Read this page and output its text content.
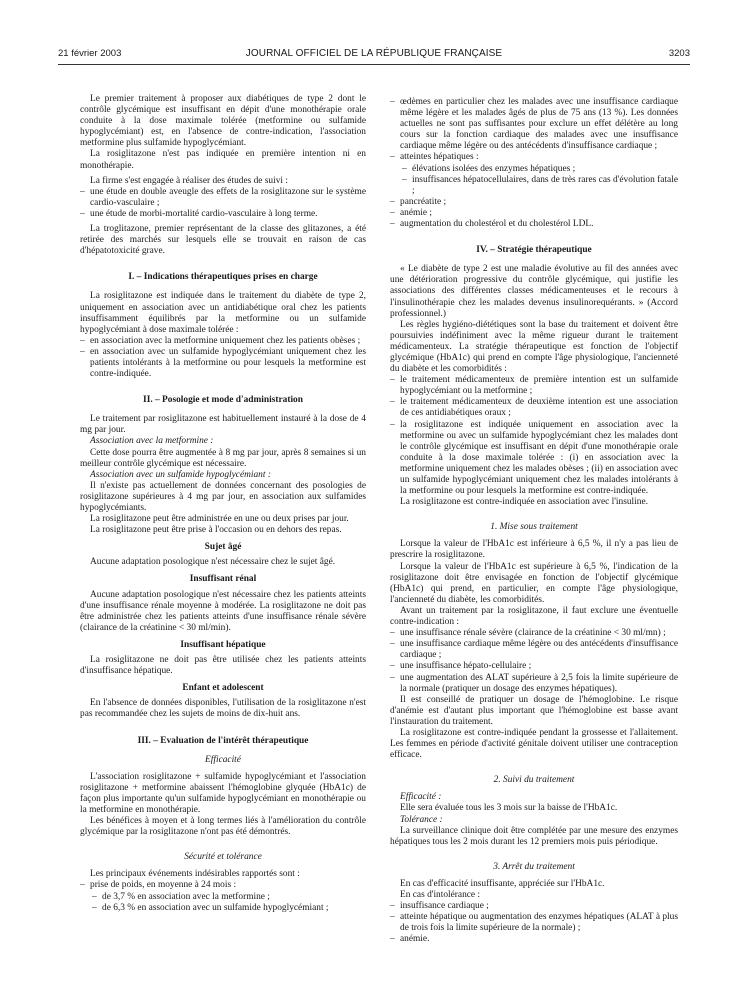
21 février 2003	JOURNAL OFFICIEL DE LA RÉPUBLIQUE FRANÇAISE	3203

Le premier traitement à proposer aux diabétiques de type 2 dont le contrôle glycémique est insuffisant en dépit d'une monothérapie orale conduite à la dose maximale tolérée (metformine ou sulfamide hypoglycémiant) est, en l'absence de contre-indication, l'association metformine plus sulfamide hypoglycémiant.

La rosiglitazone n'est pas indiquée en première intention ni en monothérapie.

La firme s'est engagée à réaliser des études de suivi :

– une étude en double aveugle des effets de la rosiglitazone sur le système cardio-vasculaire ;

– une étude de morbi-mortalité cardio-vasculaire à long terme.

La troglitazone, premier représentant de la classe des glitazones, a été retirée des marchés sur lesquels elle se trouvait en raison de cas d'hépatotoxicité grave.

I. – Indications thérapeutiques prises en charge

La rosiglitazone est indiquée dans le traitement du diabète de type 2, uniquement en association avec un antidiabétique oral chez les patients insuffisamment équilibrés par la metformine ou un sulfamide hypoglycémiant à dose maximale tolérée :

– en association avec la metformine uniquement chez les patients obèses ;

– en association avec un sulfamide hypoglycémiant uniquement chez les patients intolérants à la metformine ou pour lesquels la metformine est contre-indiquée.

II. – Posologie et mode d'administration

Le traitement par rosiglitazone est habituellement instauré à la dose de 4 mg par jour.

Association avec la metformine :

Cette dose pourra être augmentée à 8 mg par jour, après 8 semaines si un meilleur contrôle glycémique est nécessaire.

Association avec un sulfamide hypoglycémiant :

Il n'existe pas actuellement de données concernant des posologies de rosiglitazone supérieures à 4 mg par jour, en association aux sulfamides hypoglycémiants.

La rosiglitazone peut être administrée en une ou deux prises par jour.

La rosiglitazone peut être prise à l'occasion ou en dehors des repas.

Sujet âgé

Aucune adaptation posologique n'est nécessaire chez le sujet âgé.

Insuffisant rénal

Aucune adaptation posologique n'est nécessaire chez les patients atteints d'une insuffisance rénale moyenne à modérée. La rosiglitazone ne doit pas être administrée chez les patients atteints d'une insuffisance rénale sévère (clairance de la créatinine < 30 ml/min).

Insuffisant hépatique

La rosiglitazone ne doit pas être utilisée chez les patients atteints d'insuffisance hépatique.

Enfant et adolescent

En l'absence de données disponibles, l'utilisation de la rosiglitazone n'est pas recommandée chez les sujets de moins de dix-huit ans.

III. – Evaluation de l'intérêt thérapeutique
Efficacité

L'association rosiglitazone + sulfamide hypoglycémiant et l'association rosiglitazone + metformine abaissent l'hémoglobine glyquée (HbA1c) de façon plus importante qu'un sulfamide hypoglycémiant en monothérapie ou la metformine en monothérapie.

Les bénéfices à moyen et à long termes liés à l'amélioration du contrôle glycémique par la rosiglitazone n'ont pas été démontrés.

Sécurité et tolérance

Les principaux événements indésirables rapportés sont :

– prise de poids, en moyenne à 24 mois :

– de 3,7 % en association avec la metformine ;

– de 6,3 % en association avec un sulfamide hypoglycémiant ;

– œdèmes en particulier chez les malades avec une insuffisance cardiaque même légère et les malades âgés de plus de 75 ans (13 %). Les données actuelles ne sont pas suffisantes pour exclure un effet délétère au long cours sur la fonction cardiaque des malades avec une insuffisance cardiaque même légère ou des antécédents d'insuffisance cardiaque ;

– atteintes hépatiques :

– élévations isolées des enzymes hépatiques ;

– insuffisances hépatocellulaires, dans de très rares cas d'évolution fatale ;

– pancréatite ;

– anémie ;

– augmentation du cholestérol et du cholestérol LDL.

IV. – Stratégie thérapeutique

« Le diabète de type 2 est une maladie évolutive au fil des années avec une détérioration progressive du contrôle glycémique, qui justifie les associations des différentes classes médicamenteuses et le recours à l'insulinothérapie chez les malades devenus insulinorequérants. » (Accord professionnel.)

Les règles hygiéno-diététiques sont la base du traitement et doivent être poursuivies indéfiniment avec la même rigueur durant le traitement médicamenteux. La stratégie thérapeutique est fonction de l'objectif glycémique (HbA1c) qui prend en compte l'âge physiologique, l'ancienneté du diabète et les comorbidités :

– le traitement médicamenteux de première intention est un sulfamide hypoglycémiant ou la metformine ;

– le traitement médicamenteux de deuxième intention est une association de ces antidiabétiques oraux ;

– la rosiglitazone est indiquée uniquement en association avec la metformine ou avec un sulfamide hypoglycémiant chez les malades dont le contrôle glycémique est insuffisant en dépit d'une monothérapie orale conduite à la dose maximale tolérée : (i) en association avec la metformine uniquement chez les malades obèses ; (ii) en association avec un sulfamide hypoglycémiant uniquement chez les malades intolérants à la metformine ou pour lesquels la metformine est contre-indiquée.

La rosiglitazone est contre-indiquée en association avec l'insuline.

1. Mise sous traitement

Lorsque la valeur de l'HbA1c est inférieure à 6,5 %, il n'y a pas lieu de prescrire la rosiglitazone.

Lorsque la valeur de l'HbA1c est supérieure à 6,5 %, l'indication de la rosiglitazone doit être envisagée en fonction de l'objectif glycémique (HbA1c) qui prend, en particulier, en compte l'âge physiologique, l'ancienneté du diabète, les comorbidités.

Avant un traitement par la rosiglitazone, il faut exclure une éventuelle contre-indication :

– une insuffisance rénale sévère (clairance de la créatinine < 30 ml/mn) ;

– une insuffisance cardiaque même légère ou des antécédents d'insuffisance cardiaque ;

– une insuffisance hépato-cellulaire ;

– une augmentation des ALAT supérieure à 2,5 fois la limite supérieure de la normale (pratiquer un dosage des enzymes hépatiques).

Il est conseillé de pratiquer un dosage de l'hémoglobine. Le risque d'anémie est d'autant plus important que l'hémoglobine est basse avant l'instauration du traitement.

La rosiglitazone est contre-indiquée pendant la grossesse et l'allaitement. Les femmes en période d'activité génitale doivent utiliser une contraception efficace.

2. Suivi du traitement

Efficacité :

Elle sera évaluée tous les 3 mois sur la baisse de l'HbA1c.

Tolérance :

La surveillance clinique doit être complétée par une mesure des enzymes hépatiques tous les 2 mois durant les 12 premiers mois puis périodique.

3. Arrêt du traitement

En cas d'efficacité insuffisante, appréciée sur l'HbA1c.

En cas d'intolérance :

– insuffisance cardiaque ;

– atteinte hépatique ou augmentation des enzymes hépatiques (ALAT à plus de trois fois la limite supérieure de la normale) ;

– anémie.
